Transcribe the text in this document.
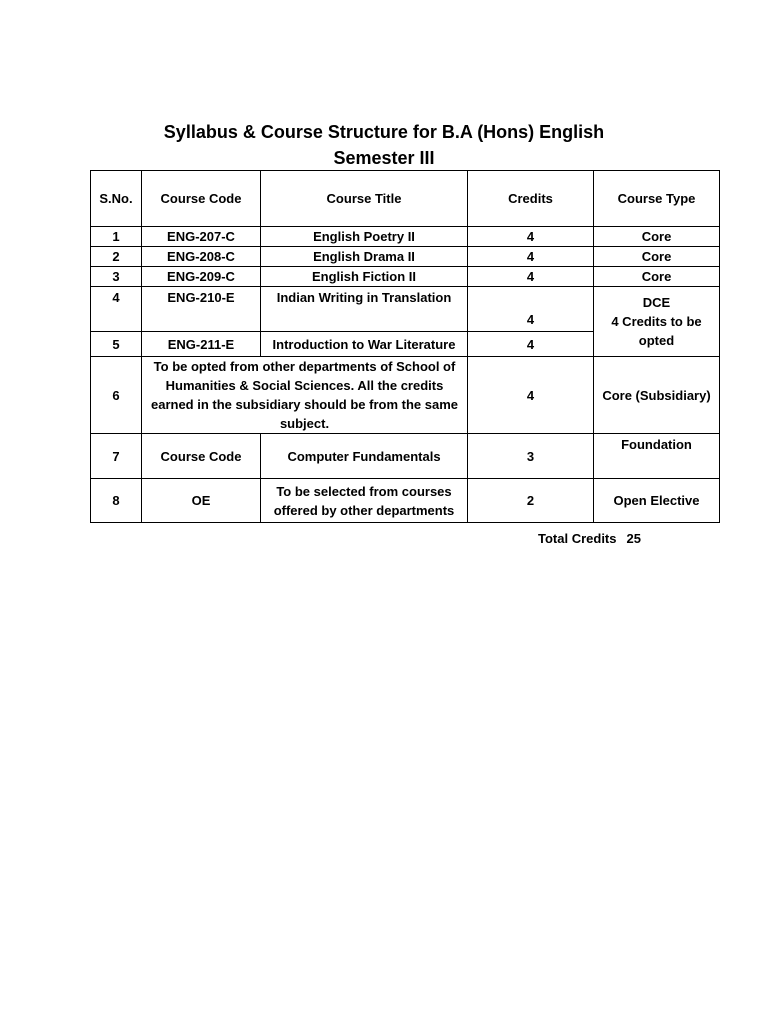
Syllabus & Course Structure for B.A (Hons) English
Semester III
S.No.	Course Code	Course Title	Credits	Course Type
1	ENG-207-C	English Poetry II	4	Core
2	ENG-208-C	English Drama II	4	Core
3	ENG-209-C	English Fiction II	4	Core
4	ENG-210-E	Indian Writing in Translation	4	DCE
4 Credits to be opted

5	ENG-211-E	Introduction to War Literature	4	
6	To be opted from other departments of School of Humanities & Social Sciences. All the credits earned in the subsidiary should be from the same subject.		4	Core (Subsidiary)
7	Course Code	Computer Fundamentals	3	Foundation

8	OE	To be selected from courses offered by other departments	2	Open Elective
Total Credits 25
